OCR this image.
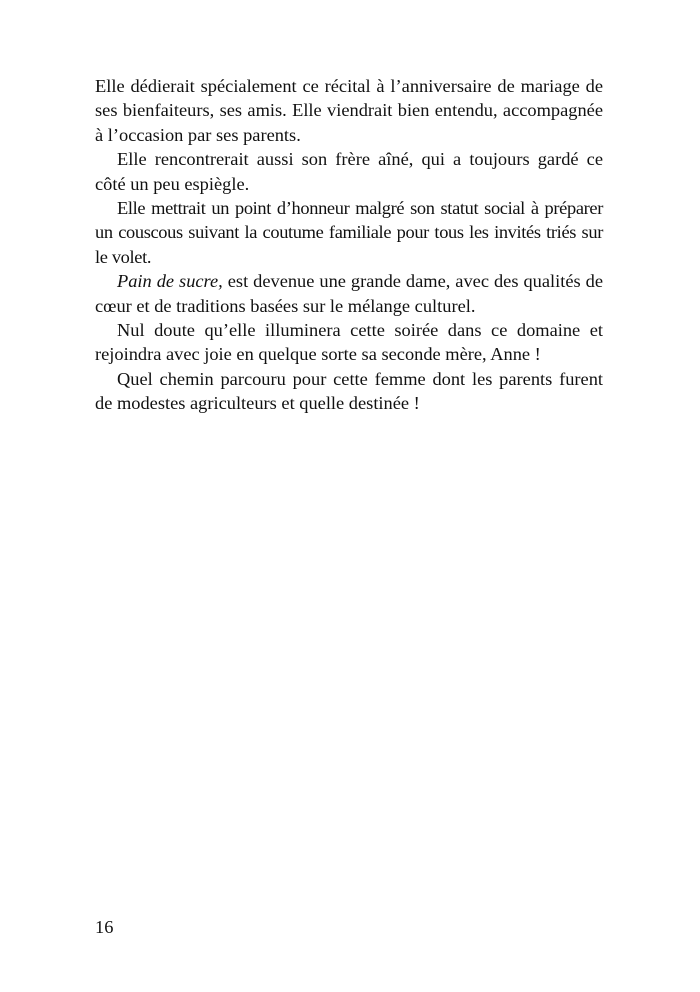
Elle dédierait spécialement ce récital à l’anniversaire de mariage de ses bienfaiteurs, ses amis. Elle viendrait bien entendu, accompagnée à l’occasion par ses parents.

Elle rencontrerait aussi son frère aîné, qui a toujours gardé ce côté un peu espiègle.

Elle mettrait un point d’honneur malgré son statut social à préparer un couscous suivant la coutume familiale pour tous les invités triés sur le volet.

Pain de sucre, est devenue une grande dame, avec des qualités de cœur et de traditions basées sur le mélange culturel.

Nul doute qu’elle illuminera cette soirée dans ce domaine et rejoindra avec joie en quelque sorte sa seconde mère, Anne !

Quel chemin parcouru pour cette femme dont les parents furent de modestes agriculteurs et quelle destinée !

16
